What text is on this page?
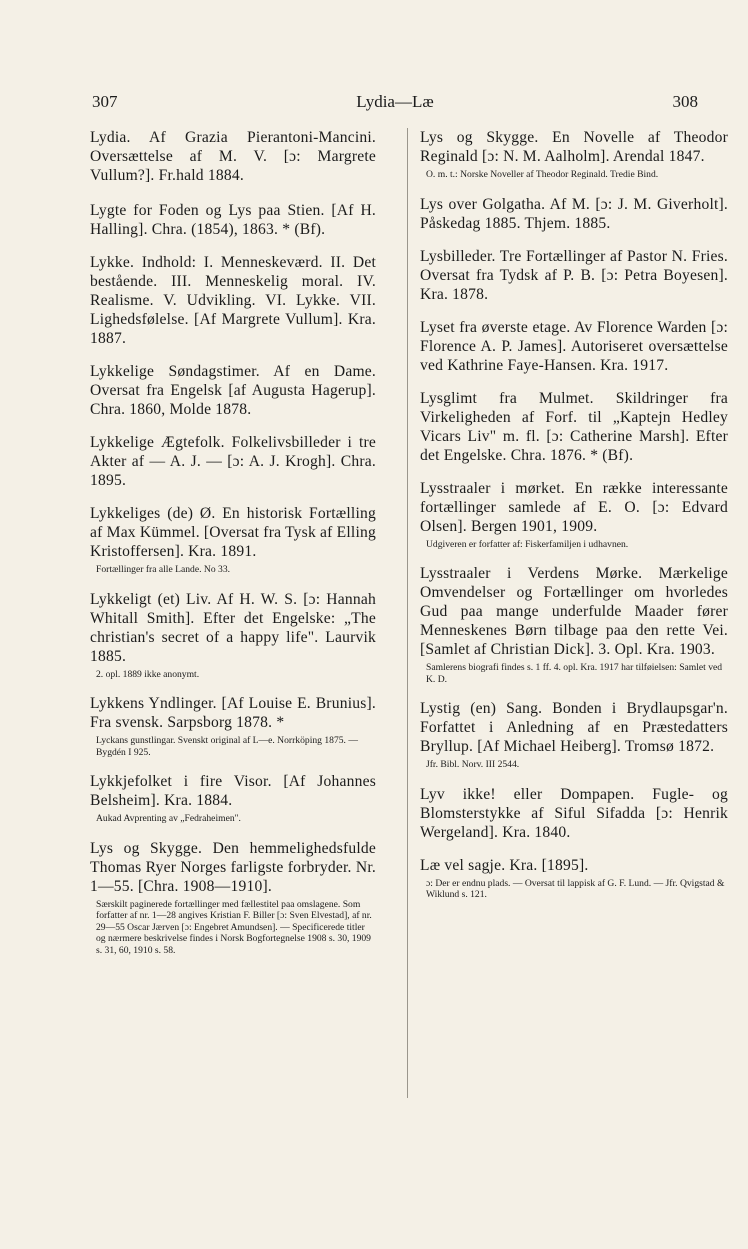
307	Lydia—Læ	308
Lydia. Af Grazia Pierantoni-Mancini. Oversættelse af M. V. [ɔ: Margrete Vullum?]. Fr.hald 1884.
Lygte for Foden og Lys paa Stien. [Af H. Halling]. Chra. (1854), 1863. * (Bf).
Lykke. Indhold: I. Menneskeværd. II. Det bestående. III. Menneskelig moral. IV. Realisme. V. Udvikling. VI. Lykke. VII. Lighedsfølelse. [Af Margrete Vullum]. Kra. 1887.
Lykkelige Søndagstimer. Af en Dame. Oversat fra Engelsk [af Augusta Hagerup]. Chra. 1860, Molde 1878.
Lykkelige Ægtefolk. Folkelivsbilleder i tre Akter af — A. J. — [ɔ: A. J. Krogh]. Chra. 1895.
Lykkeliges (de) Ø. En historisk Fortælling af Max Kümmel. [Oversat fra Tysk af Elling Kristoffersen]. Kra. 1891.
Fortællinger fra alle Lande. No 33.
Lykkeligt (et) Liv. Af H. W. S. [ɔ: Hannah Whitall Smith]. Efter det Engelske: „The christian's secret of a happy life". Laurvik 1885.
2. opl. 1889 ikke anonymt.
Lykkens Yndlinger. [Af Louise E. Brunius]. Fra svensk. Sarpsborg 1878. *
Lyckans gunstlingar. Svenskt original af L—e. Norrköping 1875. — Bygdén I 925.
Lykkjefolket i fire Visor. [Af Johannes Belsheim]. Kra. 1884.
Aukad Avprenting av „Fedraheimen".
Lys og Skygge. Den hemmelighedsfulde Thomas Ryer Norges farligste forbryder. Nr. 1—55. [Chra. 1908—1910].
Særskilt paginerede fortællinger med fællestitel paa omslagene. Som forfatter af nr. 1—28 angives Kristian F. Biller [ɔ: Sven Elvestad], af nr. 29—55 Oscar Jærven [ɔ: Engebret Amundsen]. — Specificerede titler og nærmere beskrivelse findes i Norsk Bogfortegnelse 1908 s. 30, 1909 s. 31, 60, 1910 s. 58.
Lys og Skygge. En Novelle af Theodor Reginald [ɔ: N. M. Aalholm]. Arendal 1847.
O. m. t.: Norske Noveller af Theodor Reginald. Tredie Bind.
Lys over Golgatha. Af M. [ɔ: J. M. Giverholt]. Påskedag 1885. Thjem. 1885.
Lysbilleder. Tre Fortællinger af Pastor N. Fries. Oversat fra Tydsk af P. B. [ɔ: Petra Boyesen]. Kra. 1878.
Lyset fra øverste etage. Av Florence Warden [ɔ: Florence A. P. James]. Autoriseret oversættelse ved Kathrine Faye-Hansen. Kra. 1917.
Lysglimt fra Mulmet. Skildringer fra Virkeligheden af Forf. til „Kaptejn Hedley Vicars Liv" m. fl. [ɔ: Catherine Marsh]. Efter det Engelske. Chra. 1876. * (Bf).
Lysstraaler i mørket. En række interessante fortællinger samlede af E. O. [ɔ: Edvard Olsen]. Bergen 1901, 1909.
Udgiveren er forfatter af: Fiskerfamiljen i udhavnen.
Lysstraaler i Verdens Mørke. Mærkelige Omvendelser og Fortællinger om hvorledes Gud paa mange underfulde Maader fører Menneskenes Børn tilbage paa den rette Vei. [Samlet af Christian Dick]. 3. Opl. Kra. 1903.
Samlerens biografi findes s. 1 ff. 4. opl. Kra. 1917 har tilføielsen: Samlet ved K. D.
Lystig (en) Sang. Bonden i Brydlaupsgar'n. Forfattet i Anledning af en Præstedatters Bryllup. [Af Michael Heiberg]. Tromsø 1872.
Jfr. Bibl. Norv. III 2544.
Lyv ikke! eller Dompapen. Fugle- og Blomsterstykke af Siful Sifadda [ɔ: Henrik Wergeland]. Kra. 1840.
Læ vel sagje. Kra. [1895].
ɔ: Der er endnu plads. — Oversat til lappisk af G. F. Lund. — Jfr. Qvigstad & Wiklund s. 121.
